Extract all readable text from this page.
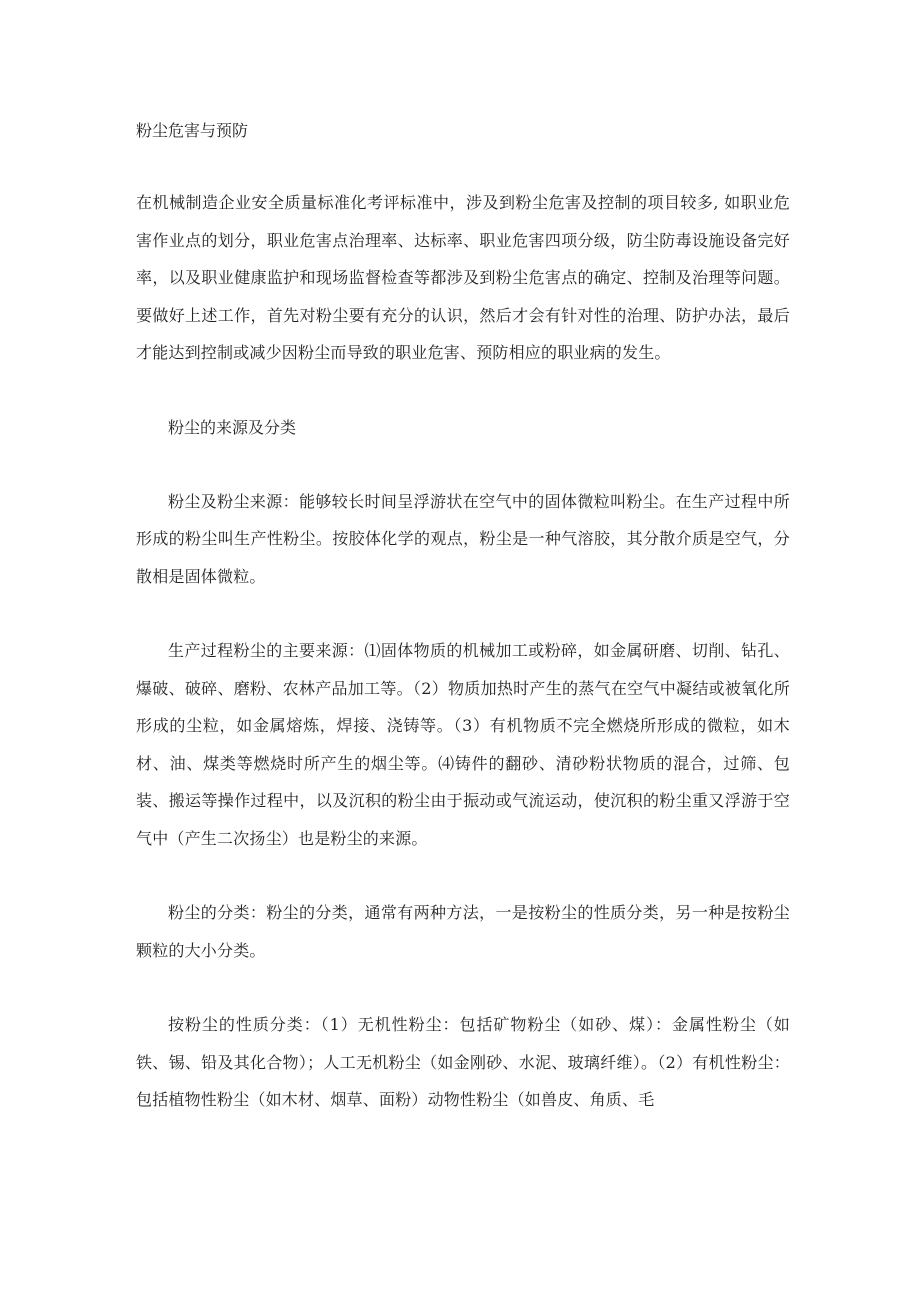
粉尘危害与预防

在机械制造企业安全质量标准化考评标准中，涉及到粉尘危害及控制的项目较多, 如职业危害作业点的划分，职业危害点治理率、达标率、职业危害四项分级，防尘防毒设施设备完好率，以及职业健康监护和现场监督检查等都涉及到粉尘危害点的确定、控制及治理等问题。要做好上述工作，首先对粉尘要有充分的认识，然后才会有针对性的治理、防护办法，最后才能达到控制或减少因粉尘而导致的职业危害、预防相应的职业病的发生。

粉尘的来源及分类

粉尘及粉尘来源：能够较长时间呈浮游状在空气中的固体微粒叫粉尘。在生产过程中所形成的粉尘叫生产性粉尘。按胶体化学的观点，粉尘是一种气溶胶，其分散介质是空气，分散相是固体微粒。

生产过程粉尘的主要来源：⑴固体物质的机械加工或粉碎，如金属研磨、切削、钻孔、爆破、破碎、磨粉、农林产品加工等。（2）物质加热时产生的蒸气在空气中凝结或被氧化所形成的尘粒，如金属熔炼，焊接、浇铸等。（3）有机物质不完全燃烧所形成的微粒，如木材、油、煤类等燃烧时所产生的烟尘等。⑷铸件的翻砂、清砂粉状物质的混合，过筛、包装、搬运等操作过程中，以及沉积的粉尘由于振动或气流运动，使沉积的粉尘重又浮游于空气中（产生二次扬尘）也是粉尘的来源。

粉尘的分类：粉尘的分类，通常有两种方法，一是按粉尘的性质分类，另一种是按粉尘颗粒的大小分类。

按粉尘的性质分类：（1）无机性粉尘：包括矿物粉尘（如砂、煤）：金属性粉尘（如铁、锡、铅及其化合物）；人工无机粉尘（如金刚砂、水泥、玻璃纤维）。（2）有机性粉尘：包括植物性粉尘（如木材、烟草、面粉）动物性粉尘（如兽皮、角质、毛
